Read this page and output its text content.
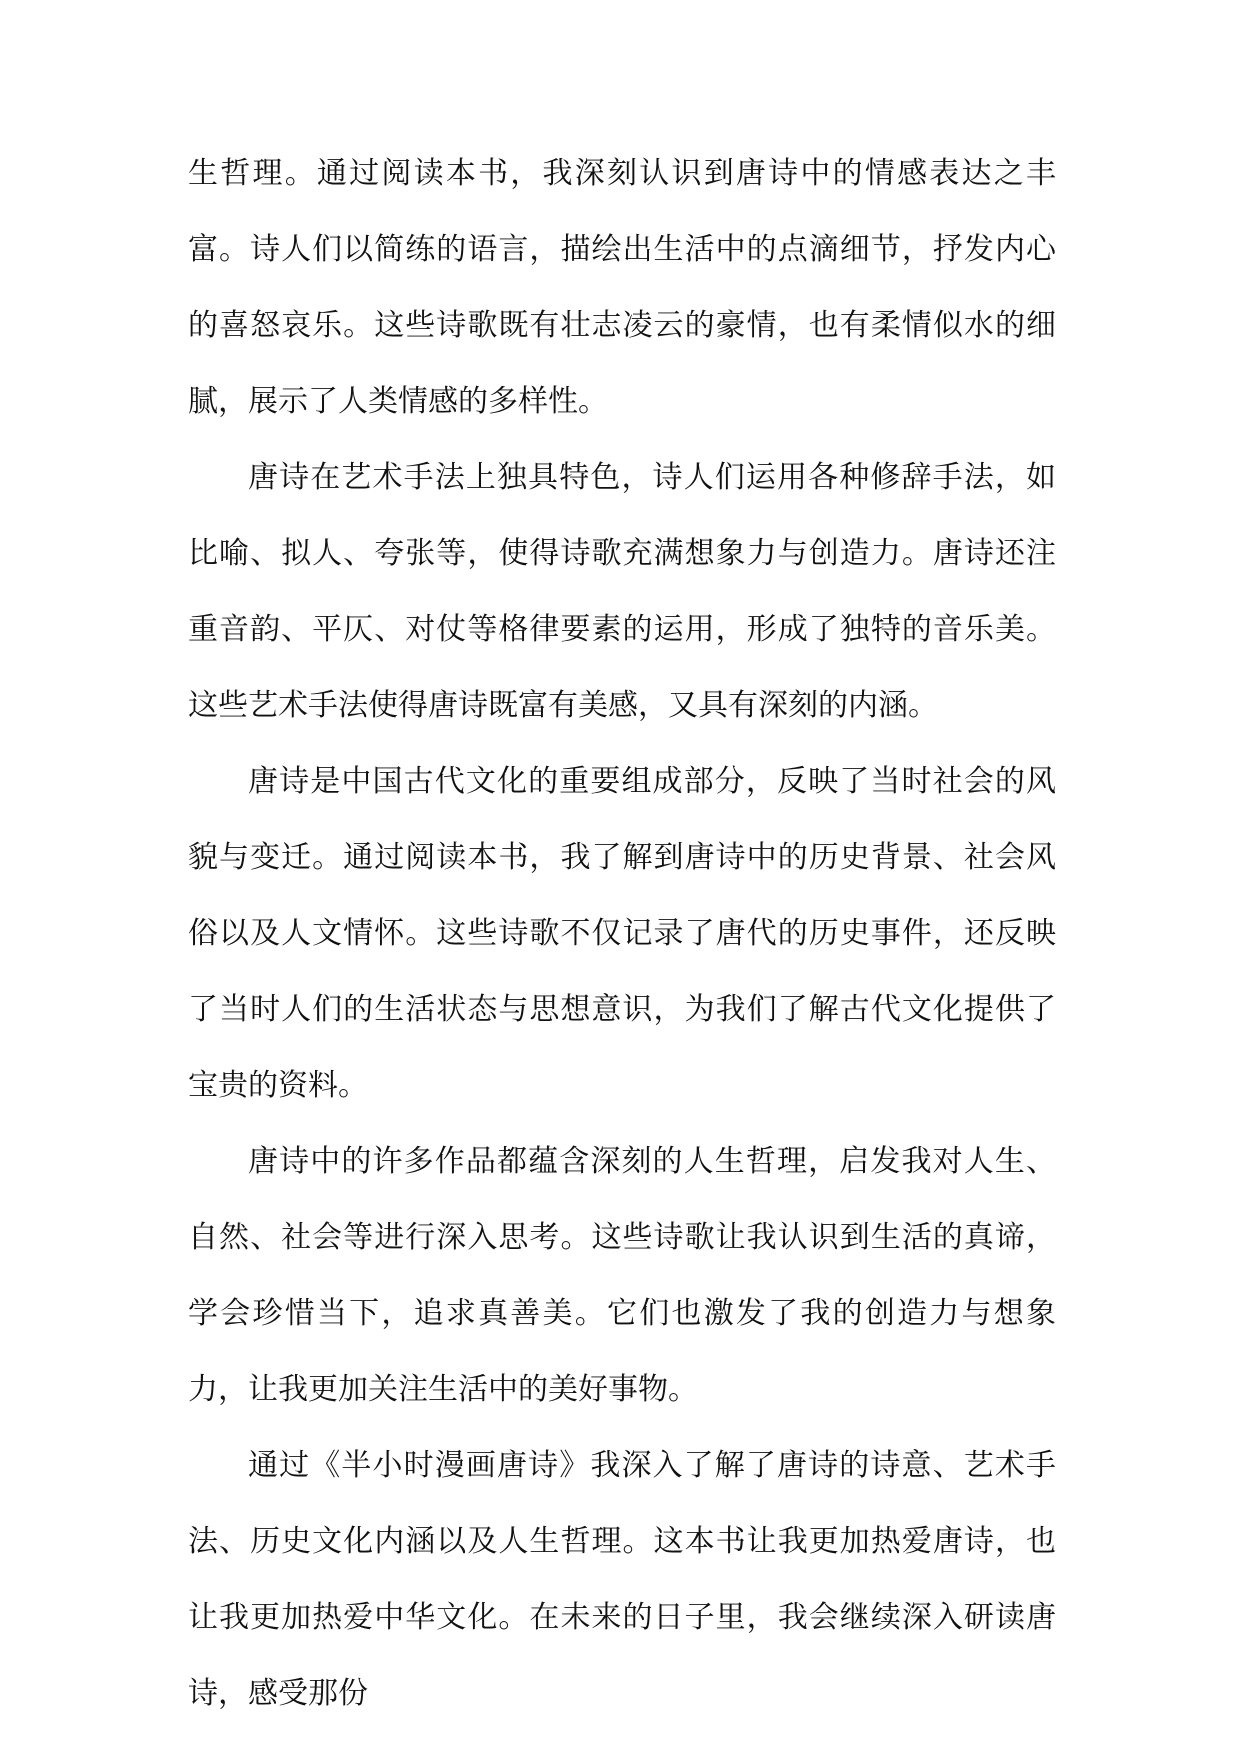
生哲理。通过阅读本书，我深刻认识到唐诗中的情感表达之丰富。诗人们以简练的语言，描绘出生活中的点滴细节，抒发内心的喜怒哀乐。这些诗歌既有壮志凌云的豪情，也有柔情似水的细腻，展示了人类情感的多样性。

唐诗在艺术手法上独具特色，诗人们运用各种修辞手法，如比喻、拟人、夸张等，使得诗歌充满想象力与创造力。唐诗还注重音韵、平仄、对仗等格律要素的运用，形成了独特的音乐美。这些艺术手法使得唐诗既富有美感，又具有深刻的内涵。

唐诗是中国古代文化的重要组成部分，反映了当时社会的风貌与变迁。通过阅读本书，我了解到唐诗中的历史背景、社会风俗以及人文情怀。这些诗歌不仅记录了唐代的历史事件，还反映了当时人们的生活状态与思想意识，为我们了解古代文化提供了宝贵的资料。

唐诗中的许多作品都蕴含深刻的人生哲理，启发我对人生、自然、社会等进行深入思考。这些诗歌让我认识到生活的真谛，学会珍惜当下，追求真善美。它们也激发了我的创造力与想象力，让我更加关注生活中的美好事物。

通过《半小时漫画唐诗》我深入了解了唐诗的诗意、艺术手法、历史文化内涵以及人生哲理。这本书让我更加热爱唐诗，也让我更加热爱中华文化。在未来的日子里，我会继续深入研读唐诗，感受那份
